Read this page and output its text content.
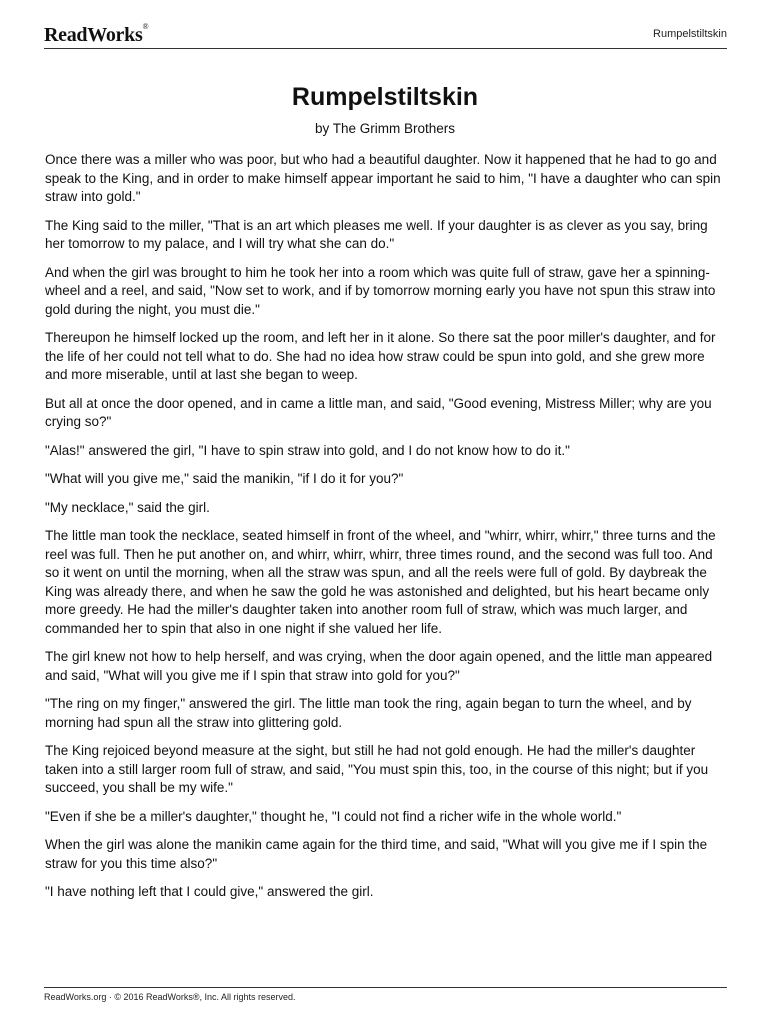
ReadWorks®
Rumpelstiltskin
Rumpelstiltskin
by The Grimm Brothers

Once there was a miller who was poor, but who had a beautiful daughter. Now it happened that he had to go and speak to the King, and in order to make himself appear important he said to him, "I have a daughter who can spin straw into gold."

The King said to the miller, "That is an art which pleases me well. If your daughter is as clever as you say, bring her tomorrow to my palace, and I will try what she can do."

And when the girl was brought to him he took her into a room which was quite full of straw, gave her a spinning-wheel and a reel, and said, "Now set to work, and if by tomorrow morning early you have not spun this straw into gold during the night, you must die."

Thereupon he himself locked up the room, and left her in it alone. So there sat the poor miller's daughter, and for the life of her could not tell what to do. She had no idea how straw could be spun into gold, and she grew more and more miserable, until at last she began to weep.

But all at once the door opened, and in came a little man, and said, "Good evening, Mistress Miller; why are you crying so?"

"Alas!" answered the girl, "I have to spin straw into gold, and I do not know how to do it."

"What will you give me," said the manikin, "if I do it for you?"

"My necklace," said the girl.

The little man took the necklace, seated himself in front of the wheel, and "whirr, whirr, whirr," three turns and the reel was full. Then he put another on, and whirr, whirr, whirr, three times round, and the second was full too. And so it went on until the morning, when all the straw was spun, and all the reels were full of gold. By daybreak the King was already there, and when he saw the gold he was astonished and delighted, but his heart became only more greedy. He had the miller's daughter taken into another room full of straw, which was much larger, and commanded her to spin that also in one night if she valued her life.

The girl knew not how to help herself, and was crying, when the door again opened, and the little man appeared and said, "What will you give me if I spin that straw into gold for you?"

"The ring on my finger," answered the girl. The little man took the ring, again began to turn the wheel, and by morning had spun all the straw into glittering gold.

The King rejoiced beyond measure at the sight, but still he had not gold enough. He had the miller's daughter taken into a still larger room full of straw, and said, "You must spin this, too, in the course of this night; but if you succeed, you shall be my wife."

"Even if she be a miller's daughter," thought he, "I could not find a richer wife in the whole world."

When the girl was alone the manikin came again for the third time, and said, "What will you give me if I spin the straw for you this time also?"

"I have nothing left that I could give," answered the girl.

ReadWorks.org · © 2016 ReadWorks®, Inc. All rights reserved.
